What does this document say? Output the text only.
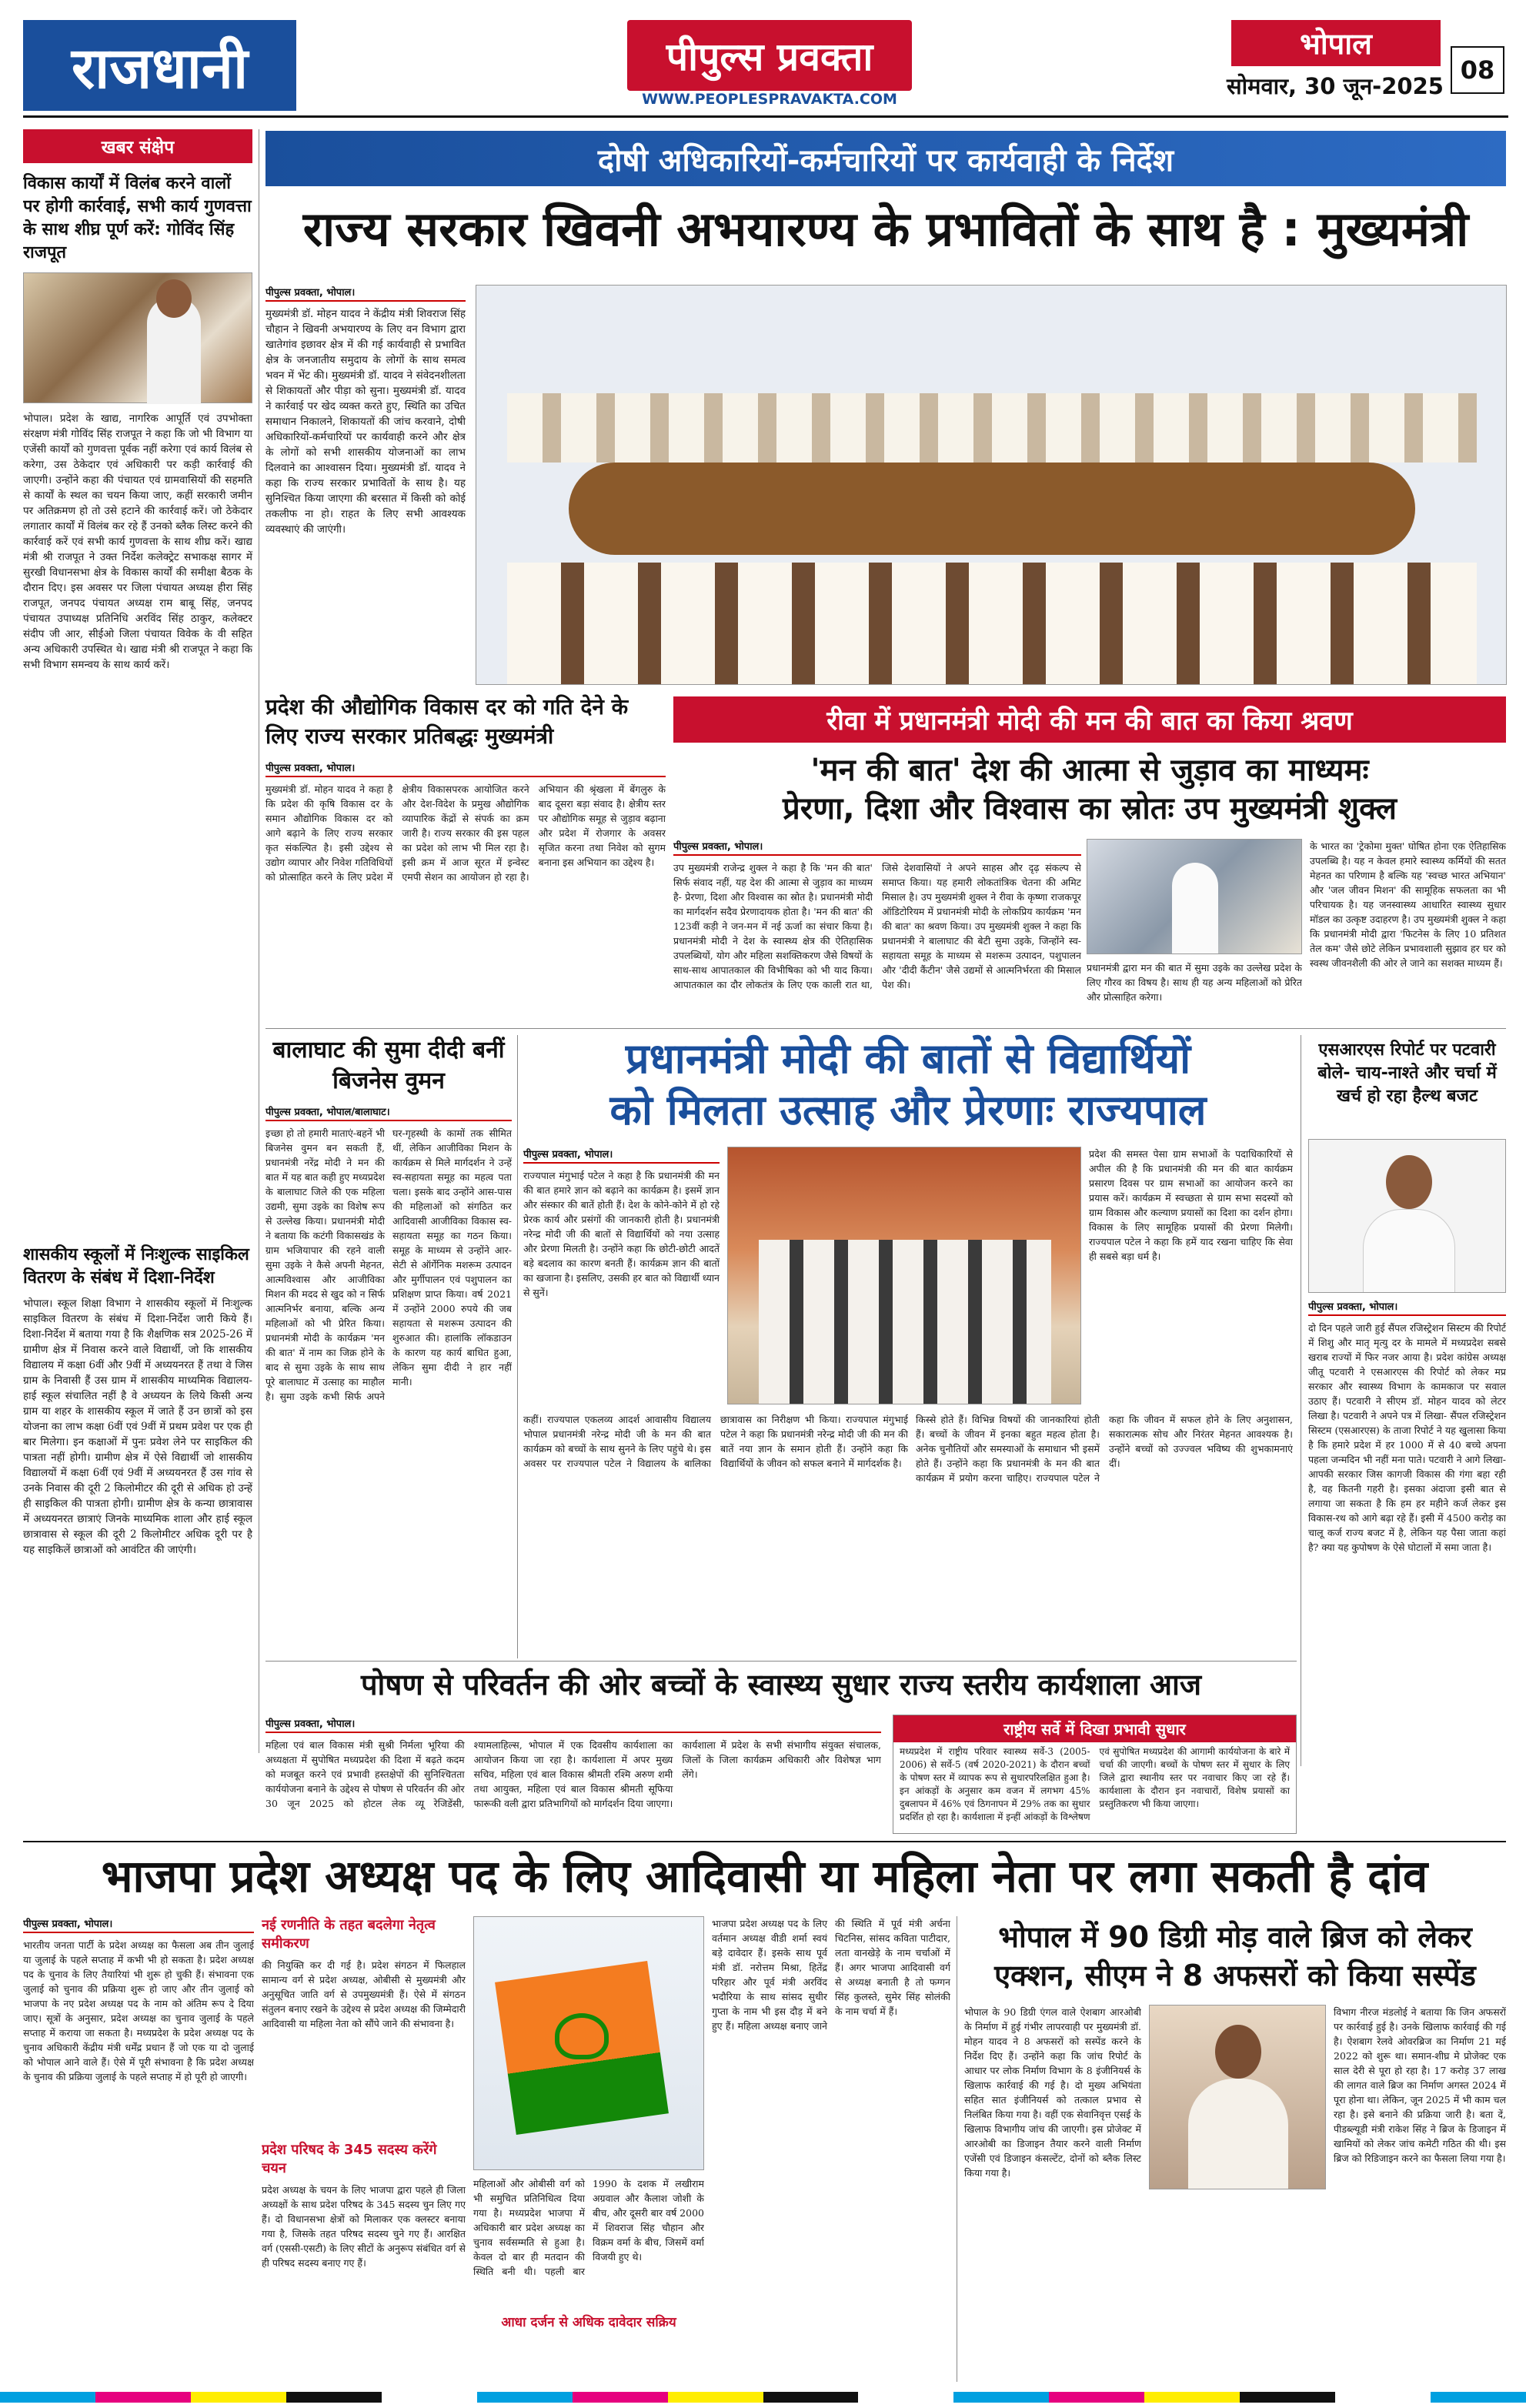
राजधानी	पीपुल्स प्रवक्ता
WWW.PEOPLESPRAVAKTA.COM
भोपाल
सोमवार, 30 जून-2025
08
खबर संक्षेप
विकास कार्यों में विलंब करने वालों पर होगी कार्रवाई, सभी कार्य गुणवत्ता के साथ शीघ्र पूर्ण करें: गोविंद सिंह राजपूत
भोपाल। प्रदेश के खाद्य, नागरिक आपूर्ति एवं उपभोक्ता संरक्षण मंत्री गोविंद सिंह राजपूत ने कहा कि जो भी विभाग या एजेंसी कार्यों को गुणवत्ता पूर्वक नहीं करेगा एवं कार्य विलंब से करेगा, उस ठेकेदार एवं अधिकारी पर कड़ी कार्रवाई की जाएगी। उन्होंने कहा की पंचायत एवं ग्रामवासियों की सहमति से कार्यों के स्थल का चयन किया जाए, कहीं सरकारी जमीन पर अतिक्रमण हो तो उसे हटाने की कार्रवाई करें। जो ठेकेदार लगातार कार्यों में विलंब कर रहे हैं उनको ब्लैक लिस्ट करने की कार्रवाई करें एवं सभी कार्य गुणवत्ता के साथ शीघ्र करें। खाद्य मंत्री श्री राजपूत ने उक्त निर्देश कलेक्ट्रेट सभाकक्ष सागर में सुरखी विधानसभा क्षेत्र के विकास कार्यों की समीक्षा बैठक के दौरान दिए। इस अवसर पर जिला पंचायत अध्यक्ष हीरा सिंह राजपूत, जनपद पंचायत अध्यक्ष राम बाबू सिंह, जनपद पंचायत उपाध्यक्ष प्रतिनिधि अरविंद सिंह ठाकुर, कलेक्टर संदीप जी आर, सीईओ जिला पंचायत विवेक के वी सहित अन्य अधिकारी उपस्थित थे। खाद्य मंत्री श्री राजपूत ने कहा कि सभी विभाग समन्वय के साथ कार्य करें।
शासकीय स्कूलों में निःशुल्क साइकिल वितरण के संबंध में दिशा-निर्देश
भोपाल। स्कूल शिक्षा विभाग ने शासकीय स्कूलों में निःशुल्क साइकिल वितरण के संबंध में दिशा-निर्देश जारी किये हैं। दिशा-निर्देश में बताया गया है कि शैक्षणिक सत्र 2025-26 में ग्रामीण क्षेत्र में निवास करने वाले विद्यार्थी, जो कि शासकीय विद्यालय में कक्षा 6वीं और 9वीं में अध्ययनरत हैं तथा वे जिस ग्राम के निवासी हैं उस ग्राम में शासकीय माध्यमिक विद्यालय-हाई स्कूल संचालित नहीं है वे अध्ययन के लिये किसी अन्य ग्राम या शहर के शासकीय स्कूल में जाते हैं उन छात्रों को इस योजना का लाभ कक्षा 6वीं एवं 9वीं में प्रथम प्रवेश पर एक ही बार मिलेगा। इन कक्षाओं में पुनः प्रवेश लेने पर साइकिल की पात्रता नहीं होगी। ग्रामीण क्षेत्र में ऐसे विद्यार्थी जो शासकीय विद्यालयों में कक्षा 6वीं एवं 9वीं में अध्ययनरत हैं उस गांव से उनके निवास की दूरी 2 किलोमीटर की दूरी से अधिक हो उन्हें ही साइकिल की पात्रता होगी। ग्रामीण क्षेत्र के कन्या छात्रावास में अध्ययनरत छात्राएं जिनके माध्यमिक शाला और हाई स्कूल छात्रावास से स्कूल की दूरी 2 किलोमीटर अधिक दूरी पर है यह साइकिलें छात्राओं को आवंटित की जाएंगी।
दोषी अधिकारियों-कर्मचारियों पर कार्यवाही के निर्देश
राज्य सरकार खिवनी अभयारण्य के प्रभावितों के साथ है : मुख्यमंत्री
पीपुल्स प्रवक्ता, भोपाल।
मुख्यमंत्री डॉ. मोहन यादव ने केंद्रीय मंत्री शिवराज सिंह चौहान ने खिवनी अभयारण्य के लिए वन विभाग द्वारा खातेगांव इछावर क्षेत्र में की गई कार्यवाही से प्रभावित क्षेत्र के जनजातीय समुदाय के लोगों के साथ समत्व भवन में भेंट की। मुख्यमंत्री डॉ. यादव ने संवेदनशीलता से शिकायतों और पीड़ा को सुना। मुख्यमंत्री डॉ. यादव ने कार्रवाई पर खेद व्यक्त करते हुए, स्थिति का उचित समाधान निकालने, शिकायतों की जांच करवाने, दोषी अधिकारियों-कर्मचारियों पर कार्यवाही करने और क्षेत्र के लोगों को सभी शासकीय योजनाओं का लाभ दिलवाने का आश्वासन दिया। मुख्यमंत्री डॉ. यादव ने कहा कि राज्य सरकार प्रभावितों के साथ है। यह सुनिश्चित किया जाएगा की बरसात में किसी को कोई तकलीफ ना हो। राहत के लिए सभी आवश्यक व्यवस्थाएं की जाएंगी।
प्रदेश की औद्योगिक विकास दर को गति देने के लिए राज्य सरकार प्रतिबद्धः मुख्यमंत्री
पीपुल्स प्रवक्ता, भोपाल।
मुख्यमंत्री डॉ. मोहन यादव ने कहा है कि प्रदेश की कृषि विकास दर के समान औद्योगिक विकास दर को आगे बढ़ाने के लिए राज्य सरकार कृत संकल्पित है। इसी उद्देश्य से उद्योग व्यापार और निवेश गतिविधियों को प्रोत्साहित करने के लिए प्रदेश में क्षेत्रीय विकासपरक आयोजित करने और देश-विदेश के प्रमुख औद्योगिक व्यापारिक केंद्रों से संपर्क का क्रम जारी है। राज्य सरकार की इस पहल का प्रदेश को लाभ भी मिल रहा है। इसी क्रम में आज सूरत में इन्वेस्ट एमपी सेशन का आयोजन हो रहा है। अभियान की श्रृंखला में बेंगलुरु के बाद दूसरा बड़ा संवाद है। क्षेत्रीय स्तर पर औद्योगिक समूह से जुड़ाव बढ़ाना और प्रदेश में रोजगार के अवसर सृजित करना तथा निवेश को सुगम बनाना इस अभियान का उद्देश्य है।
रीवा में प्रधानमंत्री मोदी की मन की बात का किया श्रवण
'मन की बात' देश की आत्मा से जुड़ाव का माध्यमः
प्रेरणा, दिशा और विश्वास का स्रोतः उप मुख्यमंत्री शुक्ल
पीपुल्स प्रवक्ता, भोपाल।
उप मुख्यमंत्री राजेन्द्र शुक्ल ने कहा है कि 'मन की बात' सिर्फ संवाद नहीं, यह देश की आत्मा से जुड़ाव का माध्यम है- प्रेरणा, दिशा और विश्वास का स्रोत है। प्रधानमंत्री मोदी का मार्गदर्शन सदैव प्रेरणादायक होता है। 'मन की बात' की 123वीं कड़ी ने जन-मन में नई ऊर्जा का संचार किया है। प्रधानमंत्री मोदी ने देश के स्वास्थ्य क्षेत्र की ऐतिहासिक उपलब्धियों, योग और महिला सशक्तिकरण जैसे विषयों के साथ-साथ आपातकाल की विभीषिका को भी याद किया। आपातकाल का दौर लोकतंत्र के लिए एक काली रात था, जिसे देशवासियों ने अपने साहस और दृढ़ संकल्प से समाप्त किया। यह हमारी लोकतांत्रिक चेतना की अमिट मिसाल है। उप मुख्यमंत्री शुक्ल ने रीवा के कृष्णा राजकपूर ऑडिटोरियम में प्रधानमंत्री मोदी के लोकप्रिय कार्यक्रम 'मन की बात' का श्रवण किया। उप मुख्यमंत्री शुक्ल ने कहा कि प्रधानमंत्री ने बालाघाट की बेटी सुमा उइके, जिन्होंने स्व-सहायता समूह के माध्यम से मशरूम उत्पादन, पशुपालन और 'दीदी कैंटीन' जैसे उद्यमों से आत्मनिर्भरता की मिसाल पेश की।
प्रधानमंत्री द्वारा मन की बात में सुमा उइके का उल्लेख प्रदेश के लिए गौरव का विषय है। साथ ही यह अन्य महिलाओं को प्रेरित और प्रोत्साहित करेगा।
के भारत का 'ट्रेकोमा मुक्त' घोषित होना एक ऐतिहासिक उपलब्धि है। यह न केवल हमारे स्वास्थ्य कर्मियों की सतत मेहनत का परिणाम है बल्कि यह 'स्वच्छ भारत अभियान' और 'जल जीवन मिशन' की सामूहिक सफलता का भी परिचायक है। यह जनस्वास्थ्य आधारित स्वास्थ्य सुधार मॉडल का उत्कृष्ट उदाहरण है। उप मुख्यमंत्री शुक्ल ने कहा कि प्रधानमंत्री मोदी द्वारा 'फिटनेस के लिए 10 प्रतिशत तेल कम' जैसे छोटे लेकिन प्रभावशाली सुझाव हर घर को स्वस्थ जीवनशैली की ओर ले जाने का सशक्त माध्यम हैं।
बालाघाट की सुमा दीदी बनीं बिजनेस वुमन
पीपुल्स प्रवक्ता, भोपाल/बालाघाट।
इच्छा हो तो हमारी माताएं-बहनें भी बिजनेस वुमन बन सकती हैं, प्रधानमंत्री नरेंद्र मोदी ने मन की बात में यह बात कही हुए मध्यप्रदेश के बालाघाट जिले की एक महिला उद्यमी, सुमा उइके का विशेष रूप से उल्लेख किया। प्रधानमंत्री मोदी ने बताया कि कटंगी विकासखंड के ग्राम भजियापार की रहने वाली सुमा उइके ने कैसे अपनी मेहनत, आत्मविश्वास और आजीविका मिशन की मदद से खुद को न सिर्फ आत्मनिर्भर बनाया, बल्कि अन्य महिलाओं को भी प्रेरित किया। प्रधानमंत्री मोदी के कार्यक्रम 'मन की बात' में नाम का जिक्र होने के बाद से सुमा उइके के साथ साथ पूरे बालाघाट में उत्साह का माहौल है। सुमा उइके कभी सिर्फ अपने घर-गृहस्थी के कामों तक सीमित थीं, लेकिन आजीविका मिशन के कार्यक्रम से मिले मार्गदर्शन ने उन्हें स्व-सहायता समूह का महत्व पता चला। इसके बाद उन्होंने आस-पास की महिलाओं को संगठित कर आदिवासी आजीविका विकास स्व-सहायता समूह का गठन किया। समूह के माध्यम से उन्होंने आर-सेटी से ऑर्गेनिक मशरूम उत्पादन और मुर्गीपालन एवं पशुपालन का प्रशिक्षण प्राप्त किया। वर्ष 2021 में उन्होंने 2000 रुपये की जब सहायता से मशरूम उत्पादन की शुरुआत की। हालांकि लॉकडाउन के कारण यह कार्य बाधित हुआ, लेकिन सुमा दीदी ने हार नहीं मानी।
प्रधानमंत्री मोदी की बातों से विद्यार्थियों
को मिलता उत्साह और प्रेरणाः राज्यपाल
पीपुल्स प्रवक्ता, भोपाल।
राज्यपाल मंगुभाई पटेल ने कहा है कि प्रधानमंत्री की मन की बात हमारे ज्ञान को बढ़ाने का कार्यक्रम है। इसमें ज्ञान और संस्कार की बातें होती हैं। देश के कोने-कोने में हो रहे प्रेरक कार्य और प्रसंगों की जानकारी होती है। प्रधानमंत्री नरेन्द्र मोदी जी की बातों से विद्यार्थियों को नया उत्साह और प्रेरणा मिलती है। उन्होंने कहा कि छोटी-छोटी आदतें बड़े बदलाव का कारण बनती हैं। कार्यक्रम ज्ञान की बातों का खजाना है। इसलिए, उसकी हर बात को विद्यार्थी ध्यान से सुनें।
प्रदेश की समस्त पेसा ग्राम सभाओं के पदाधिकारियों से अपील की है कि प्रधानमंत्री की मन की बात कार्यक्रम प्रसारण दिवस पर ग्राम सभाओं का आयोजन करने का प्रयास करें। कार्यक्रम में स्वच्छता से ग्राम सभा सदस्यों को ग्राम विकास और कल्याण प्रयासों का दिशा का दर्शन होगा। विकास के लिए सामूहिक प्रयासों की प्रेरणा मिलेगी। राज्यपाल पटेल ने कहा कि हमें याद रखना चाहिए कि सेवा ही सबसे बड़ा धर्म है।
कहीं। राज्यपाल एकलव्य आदर्श आवासीय विद्यालय भोपाल प्रधानमंत्री नरेन्द्र मोदी जी के मन की बात कार्यक्रम को बच्चों के साथ सुनने के लिए पहुंचे थे। इस अवसर पर राज्यपाल पटेल ने विद्यालय के बालिका छात्रावास का निरीक्षण भी किया। राज्यपाल मंगुभाई पटेल ने कहा कि प्रधानमंत्री नरेन्द्र मोदी जी की मन की बातें नया ज्ञान के समान होती हैं। उन्होंने कहा कि विद्यार्थियों के जीवन को सफल बनाने में मार्गदर्शक है।
किस्से होते हैं। विभिन्न विषयों की जानकारियां होती हैं। बच्चों के जीवन में इनका बहुत महत्व होता है। अनेक चुनौतियों और समस्याओं के समाधान भी इसमें होते हैं। उन्होंने कहा कि प्रधानमंत्री के मन की बात कार्यक्रम में प्रयोग करना चाहिए। राज्यपाल पटेल ने कहा कि जीवन में सफल होने के लिए अनुशासन, सकारात्मक सोच और निरंतर मेहनत आवश्यक है। उन्होंने बच्चों को उज्ज्वल भविष्य की शुभकामनाएं दीं।
एसआरएस रिपोर्ट पर पटवारी बोले- चाय-नाश्ते और चर्चा में खर्च हो रहा हैल्थ बजट
पीपुल्स प्रवक्ता, भोपाल।
दो दिन पहले जारी हुई सैंपल रजिस्ट्रेशन सिस्टम की रिपोर्ट में शिशु और मातृ मृत्यु दर के मामले में मध्यप्रदेश सबसे खराब राज्यों में फिर नजर आया है। प्रदेश कांग्रेस अध्यक्ष जीतू पटवारी ने एसआरएस की रिपोर्ट को लेकर मप्र सरकार और स्वास्थ्य विभाग के कामकाज पर सवाल उठाए हैं। पटवारी ने सीएम डॉ. मोहन यादव को लेटर लिखा है। पटवारी ने अपने पत्र में लिखा- सैंपल रजिस्ट्रेशन सिस्टम (एसआरएस) के ताजा रिपोर्ट ने यह खुलासा किया है कि हमारे प्रदेश में हर 1000 में से 40 बच्चे अपना पहला जन्मदिन भी नहीं मना पाते। पटवारी ने आगे लिखा- आपकी सरकार जिस कागजी विकास की गंगा बहा रही है, वह कितनी गहरी है। इसका अंदाजा इसी बात से लगाया जा सकता है कि हम हर महीने कर्ज लेकर इस विकास-रथ को आगे बढ़ा रहे हैं। इसी में 4500 करोड़ का चालू कर्ज राज्य बजट में है, लेकिन यह पैसा जाता कहां है? क्या यह कुपोषण के ऐसे घोटालों में समा जाता है।
पोषण से परिवर्तन की ओर बच्चों के स्वास्थ्य सुधार राज्य स्तरीय कार्यशाला आज
पीपुल्स प्रवक्ता, भोपाल।
महिला एवं बाल विकास मंत्री सुश्री निर्मला भूरिया की अध्यक्षता में सुपोषित मध्यप्रदेश की दिशा में बढ़ते कदम को मजबूत करने एवं प्रभावी हस्तक्षेपों की सुनिश्चितता कार्ययोजना बनाने के उद्देश्य से पोषण से परिवर्तन की ओर 30 जून 2025 को होटल लेक व्यू रेजिडेंसी, श्यामलाहिल्स, भोपाल में एक दिवसीय कार्यशाला का आयोजन किया जा रहा है। कार्यशाला में अपर मुख्य सचिव, महिला एवं बाल विकास श्रीमती रश्मि अरुण शमी तथा आयुक्त, महिला एवं बाल विकास श्रीमती सूफिया फारूकी वली द्वारा प्रतिभागियों को मार्गदर्शन दिया जाएगा। कार्यशाला में प्रदेश के सभी संभागीय संयुक्त संचालक, जिलों के जिला कार्यक्रम अधिकारी और विशेषज्ञ भाग लेंगे।
राष्ट्रीय सर्वे में दिखा प्रभावी सुधार
मध्यप्रदेश में राष्ट्रीय परिवार स्वास्थ्य सर्वे-3 (2005-2006) से सर्वे-5 (वर्ष 2020-2021) के दौरान बच्चों के पोषण स्तर में व्यापक रूप से सुधारपरिलक्षित हुआ है। इन आंकड़ों के अनुसार कम वजन में लगभग 45% दुबलापन में 46% एवं ठिगनापन में 29% तक का सुधार प्रदर्शित हो रहा है। कार्यशाला में इन्हीं आंकड़ों के विश्लेषण एवं सुपोषित मध्यप्रदेश की आगामी कार्ययोजना के बारे में चर्चा की जाएगी। बच्चों के पोषण स्तर में सुधार के लिए जिले द्वारा स्थानीय स्तर पर नवाचार किए जा रहे हैं। कार्यशाला के दौरान इन नवाचारों, विशेष प्रयासों का प्रस्तुतिकरण भी किया जाएगा।
भाजपा प्रदेश अध्यक्ष पद के लिए आदिवासी या महिला नेता पर लगा सकती है दांव
पीपुल्स प्रवक्ता, भोपाल।
भारतीय जनता पार्टी के प्रदेश अध्यक्ष का फैसला अब तीन जुलाई या जुलाई के पहले सप्ताह में कभी भी हो सकता है। प्रदेश अध्यक्ष पद के चुनाव के लिए तैयारियां भी शुरू हो चुकी हैं। संभावना एक जुलाई को चुनाव की प्रक्रिया शुरू हो जाए और तीन जुलाई को भाजपा के नए प्रदेश अध्यक्ष पद के नाम को अंतिम रूप दे दिया जाए। सूत्रों के अनुसार, प्रदेश अध्यक्ष का चुनाव जुलाई के पहले सप्ताह में कराया जा सकता है। मध्यप्रदेश के प्रदेश अध्यक्ष पद के चुनाव अधिकारी केंद्रीय मंत्री धर्मेंद्र प्रधान हैं जो एक या दो जुलाई को भोपाल आने वाले हैं। ऐसे में पूरी संभावना है कि प्रदेश अध्यक्ष के चुनाव की प्रक्रिया जुलाई के पहले सप्ताह में हो पूरी हो जाएगी।
नई रणनीति के तहत बदलेगा नेतृत्व समीकरण
की नियुक्ति कर दी गई है। प्रदेश संगठन में फिलहाल सामान्य वर्ग से प्रदेश अध्यक्ष, ओबीसी से मुख्यमंत्री और अनुसूचित जाति वर्ग से उपमुख्यमंत्री हैं। ऐसे में संगठन संतुलन बनाए रखने के उद्देश्य से प्रदेश अध्यक्ष की जिम्मेदारी आदिवासी या महिला नेता को सौंपे जाने की संभावना है।
प्रदेश परिषद के 345 सदस्य करेंगे चयन
प्रदेश अध्यक्ष के चयन के लिए भाजपा द्वारा पहले ही जिला अध्यक्षों के साथ प्रदेश परिषद के 345 सदस्य चुन लिए गए हैं। दो विधानसभा क्षेत्रों को मिलाकर एक क्लस्टर बनाया गया है, जिसके तहत परिषद सदस्य चुने गए हैं। आरक्षित वर्ग (एससी-एसटी) के लिए सीटों के अनुरूप संबंधित वर्ग से ही परिषद सदस्य बनाए गए हैं।
महिलाओं और ओबीसी वर्ग को भी समुचित प्रतिनिधित्व दिया गया है। मध्यप्रदेश भाजपा में अधिकारी बार प्रदेश अध्यक्ष का चुनाव सर्वसम्मति से हुआ है। केवल दो बार ही मतदान की स्थिति बनी थी। पहली बार 1990 के दशक में लखीराम अग्रवाल और कैलाश जोशी के बीच, और दूसरी बार वर्ष 2000 में शिवराज सिंह चौहान और विक्रम वर्मा के बीच, जिसमें वर्मा विजयी हुए थे।
आधा दर्जन से अधिक दावेदार सक्रिय
भाजपा प्रदेश अध्यक्ष पद के लिए वर्तमान अध्यक्ष वीडी शर्मा स्वयं बड़े दावेदार हैं। इसके साथ पूर्व मंत्री डॉ. नरोत्तम मिश्रा, हितेंद्र परिहार और पूर्व मंत्री अरविंद भदौरिया के साथ सांसद सुधीर गुप्ता के नाम भी इस दौड़ में बने हुए हैं। महिला अध्यक्ष बनाए जाने की स्थिति में पूर्व मंत्री अर्चना चिटनिस, सांसद कविता पाटीदार, लता वानखेड़े के नाम चर्चाओं में हैं। अगर भाजपा आदिवासी वर्ग से अध्यक्ष बनाती है तो फग्गन सिंह कुलस्ते, सुमेर सिंह सोलंकी के नाम चर्चा में हैं।
भोपाल में 90 डिग्री मोड़ वाले ब्रिज को लेकर एक्शन, सीएम ने 8 अफसरों को किया सस्पेंड
भोपाल के 90 डिग्री एंगल वाले ऐशबाग आरओबी के निर्माण में हुई गंभीर लापरवाही पर मुख्यमंत्री डॉ. मोहन यादव ने 8 अफसरों को सस्पेंड करने के निर्देश दिए हैं। उन्होंने कहा कि जांच रिपोर्ट के आधार पर लोक निर्माण विभाग के 8 इंजीनियर्स के खिलाफ कार्रवाई की गई है। दो मुख्य अभियंता सहित सात इंजीनियर्स को तत्काल प्रभाव से निलंबित किया गया है। वहीं एक सेवानिवृत्त एसई के खिलाफ विभागीय जांच की जाएगी। इस प्रोजेक्ट में आरओबी का डिजाइन तैयार करने वाली निर्माण एजेंसी एवं डिजाइन कंसल्टेंट, दोनों को ब्लैक लिस्ट किया गया है।
विभाग नीरज मंडलोई ने बताया कि जिन अफसरों पर कार्रवाई हुई है। उनके खिलाफ कार्रवाई की गई है। ऐशबाग रेलवे ओवरब्रिज का निर्माण 21 मई 2022 को शुरू था। समान-शीघ्र मे प्रोजेक्ट एक साल देरी से पूरा हो रहा है। 17 करोड़ 37 लाख की लागत वाले ब्रिज का निर्माण अगस्त 2024 में पूरा होना था। लेकिन, जून 2025 में भी काम चल रहा है। इसे बनाने की प्रक्रिया जारी है। बता दें, पीडब्ल्यूडी मंत्री राकेश सिंह ने ब्रिज के डिजाइन में खामियों को लेकर जांच कमेटी गठित की थी। इस ब्रिज को रिडिजाइन करने का फैसला लिया गया है।
